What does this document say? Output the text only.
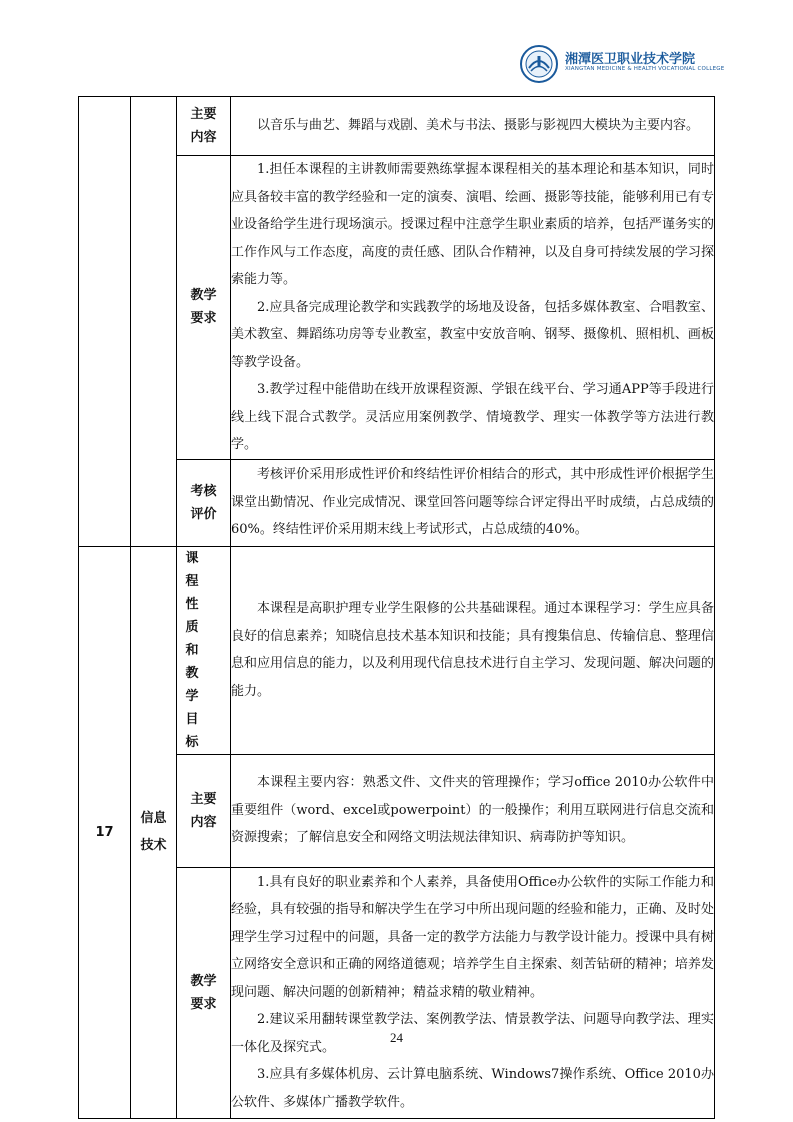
湘潭医卫职业技术学院
XIANGTAN MEDICINE & HEALTH VOCATIONAL COLLEGE

		主要内容	以音乐与曲艺、舞蹈与戏剧、美术与书法、摄影与影视四大模块为主要内容。

		教学要求	1.担任本课程的主讲教师需要熟练掌握本课程相关的基本理论和基本知识，同时应具备较丰富的教学经验和一定的演奏、演唱、绘画、摄影等技能，能够利用已有专业设备给学生进行现场演示。授课过程中注意学生职业素质的培养，包括严谨务实的工作作风与工作态度，高度的责任感、团队合作精神，以及自身可持续发展的学习探索能力等。

2.应具备完成理论教学和实践教学的场地及设备，包括多媒体教室、合唱教室、美术教室、舞蹈练功房等专业教室，教室中安放音响、钢琴、摄像机、照相机、画板等教学设备。

3.教学过程中能借助在线开放课程资源、学银在线平台、学习通APP等手段进行线上线下混合式教学。灵活应用案例教学、情境教学、理实一体教学等方法进行教学。

		考核评价	考核评价采用形成性评价和终结性评价相结合的形式，其中形成性评价根据学生课堂出勤情况、作业完成情况、课堂回答问题等综合评定得出平时成绩，占总成绩的60%。终结性评价采用期末线上考试形式，占总成绩的40%。

17	信息技术	课程性质和教学目标	本课程是高职护理专业学生限修的公共基础课程。通过本课程学习：学生应具备良好的信息素养；知晓信息技术基本知识和技能；具有搜集信息、传输信息、整理信息和应用信息的能力，以及利用现代信息技术进行自主学习、发现问题、解决问题的能力。

		主要内容	本课程主要内容：熟悉文件、文件夹的管理操作；学习office 2010办公软件中重要组件（word、excel或powerpoint）的一般操作；利用互联网进行信息交流和资源搜索；了解信息安全和网络文明法规法律知识、病毒防护等知识。

		教学要求	1.具有良好的职业素养和个人素养，具备使用Office办公软件的实际工作能力和经验，具有较强的指导和解决学生在学习中所出现问题的经验和能力，正确、及时处理学生学习过程中的问题，具备一定的教学方法能力与教学设计能力。授课中具有树立网络安全意识和正确的网络道德观；培养学生自主探索、刻苦钻研的精神；培养发现问题、解决问题的创新精神；精益求精的敬业精神。

2.建议采用翻转课堂教学法、案例教学法、情景教学法、问题导向教学法、理实一体化及探究式。

3.应具有多媒体机房、云计算电脑系统、Windows7操作系统、Office 2010办公软件、多媒体广播教学软件。

24
